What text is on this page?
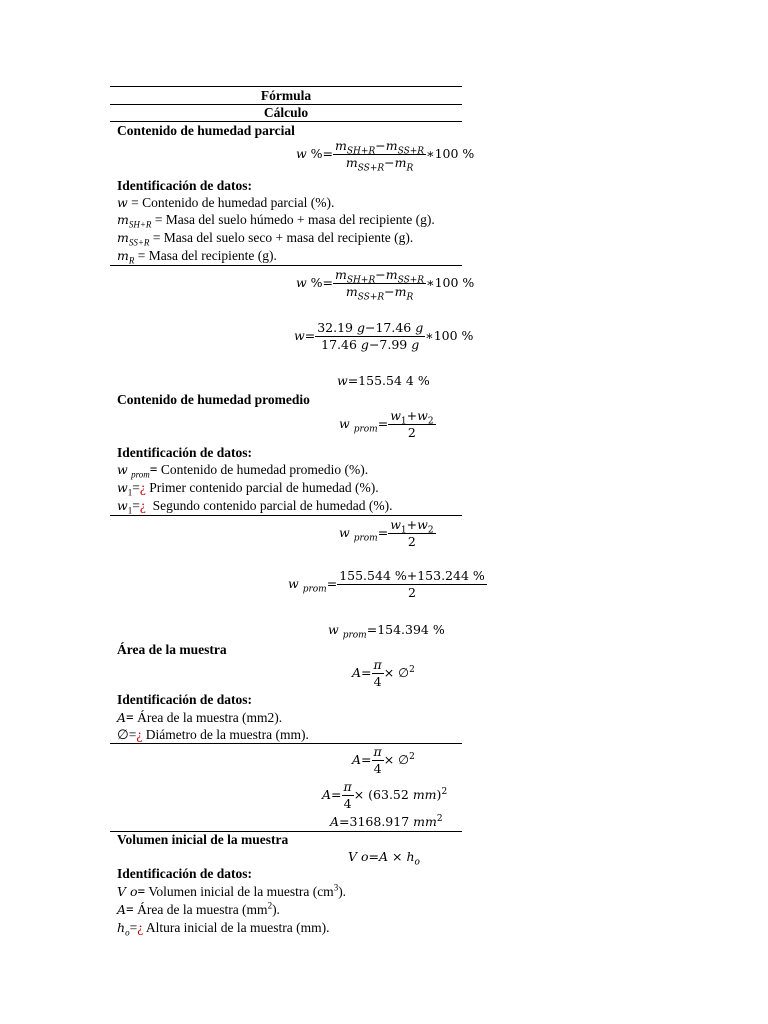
Fórmula
Cálculo
Contenido de humedad parcial
w %= $\frac{m_{SH+R}-m_{SS+R}}{m_{SS+R}-m_R}$ ∗100 %
Identificación de datos:
w = Contenido de humedad parcial (%).
$m_{SH+R}$ = Masa del suelo húmedo + masa del recipiente (g).
$m_{SS+R}$ = Masa del suelo seco + masa del recipiente (g).
$m_R$ = Masa del recipiente (g).
w %= $\frac{m_{SH+R}-m_{SS+R}}{m_{SS+R}-m_R}$ ∗100 %
$w= \frac{32.19 g-17.46 g}{17.46 g-7.99 g}$ ∗100 %
w=155.54 4 %
Contenido de humedad promedio
w $_{prom}= \frac{w_1+w_2}{2}$
Identificación de datos:
w $_{prom}$= Contenido de humedad promedio (%).
$w_1=¿$ Primer contenido parcial de humedad (%).
$w_1=¿$  Segundo contenido parcial de humedad (%).
w $_{prom}= \frac{w_1+w_2}{2}$
w $_{prom}= \frac{155.544 \%+153.244 \%}{2}$
w $_{prom}$=154.394 %
Área de la muestra
$A= \frac{\pi}{4}$ × ∅$^2$
Identificación de datos:
A= Área de la muestra (mm2).
∅=¿ Diámetro de la muestra (mm).
$A= \frac{\pi}{4}$ × ∅$^2$
$A= \frac{\pi}{4} \times (63.52$ mm)$^2$
A=3168.917 $mm^2$
Volumen inicial de la muestra
V $o=A \times h_o$
Identificación de datos:
V o= Volumen inicial de la muestra $(cm^3)$.
A= Área de la muestra $(mm^2)$.
$h_o=¿$ Altura inicial de la muestra (mm).
